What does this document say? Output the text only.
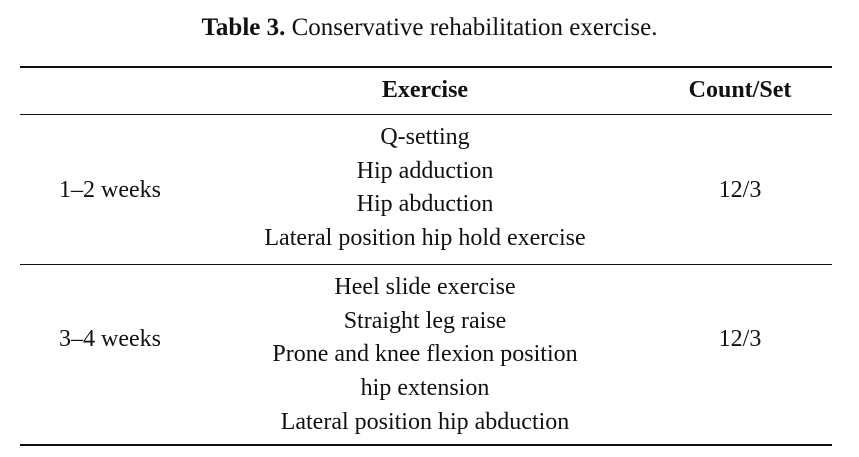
Table 3. Conservative rehabilitation exercise.
Exercise	Count/Set
1–2 weeks
Q-setting
Hip adduction
Hip abduction
Lateral position hip hold exercise
12/3
3–4 weeks
Heel slide exercise
Straight leg raise
Prone and knee flexion position
hip extension
Lateral position hip abduction
12/3
